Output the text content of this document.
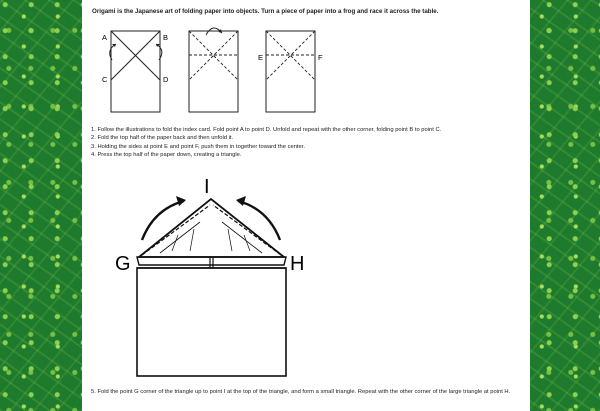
Origami is the Japanese art of folding paper into objects. Turn a piece of paper into a frog and race it across the table.

A	B
C	D
E	F
1. Follow the illustrations to fold the index card. Fold point A to point D. Unfold and repeat with the other corner, folding point B to point C.
2. Fold the top half of the paper back and then unfold it.
3. Holding the sides at point E and point F, push them in together toward the center.
4. Press the top half of the paper down, creating a triangle.
I
G	H

5. Fold the point G corner of the triangle up to point I at the top of the triangle, and form a small triangle. Repeat with the other corner of the large triangle at point H.
